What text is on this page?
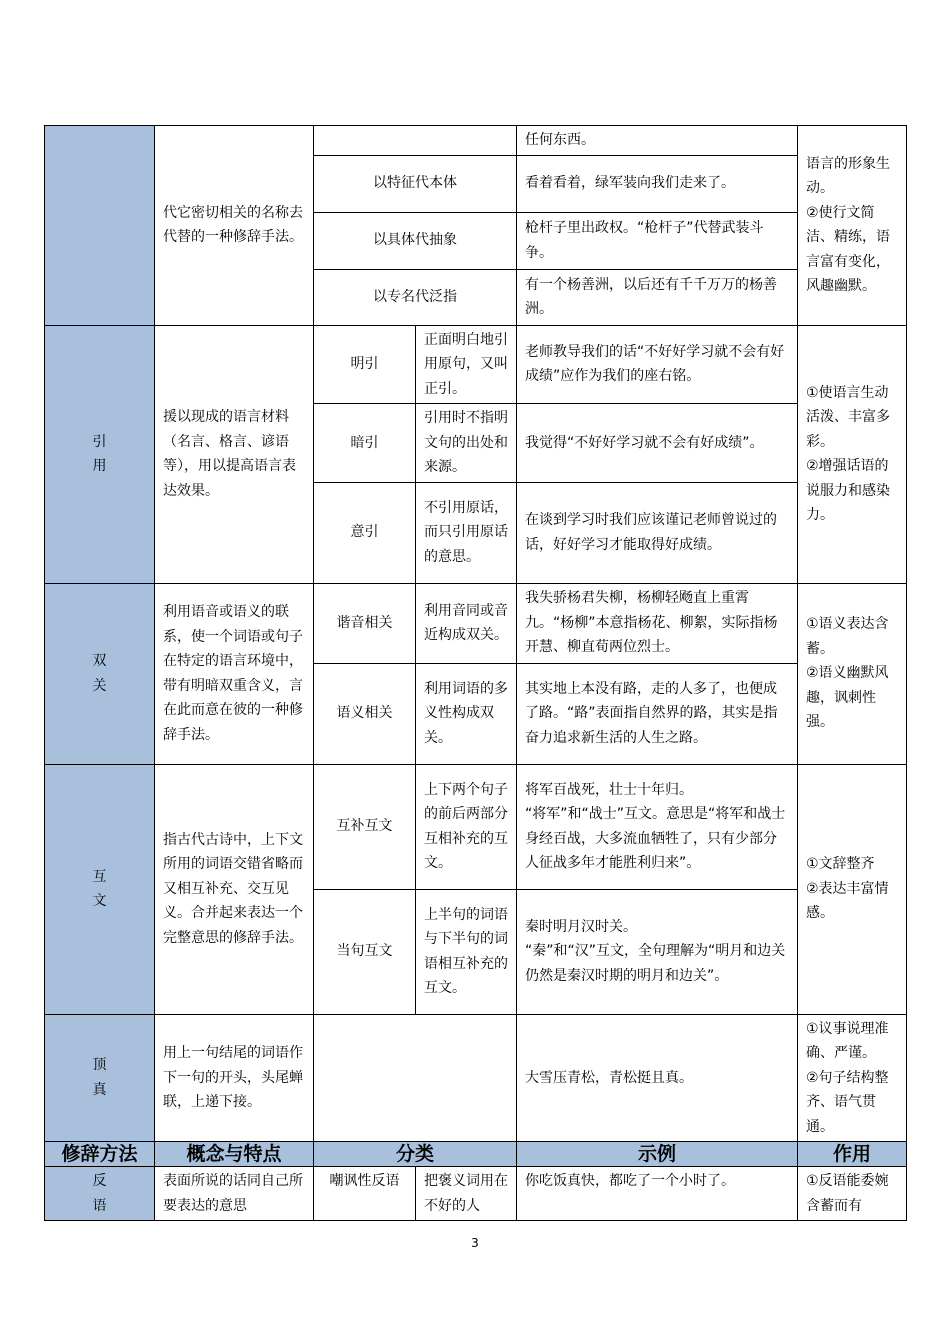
	代它密切相关的名称去代替的一种修辞手法。			任何东西。	语言的形象生动。
②使行文简洁、精练，语言富有变化，风趣幽默。
		以特征代本体		看着看着，绿军装向我们走来了。	
		以具体代抽象		枪杆子里出政权。“枪杆子”代替武装斗争。	
		以专名代泛指		有一个杨善洲，以后还有千千万万的杨善洲。	
引用	援以现成的语言材料（名言、格言、谚语等），用以提高语言表达效果。	明引	正面明白地引用原句，又叫正引。	老师教导我们的话“不好好学习就不会有好成绩”应作为我们的座右铭。	①使语言生动活泼、丰富多彩。
②增强话语的说服力和感染力。
		暗引	引用时不指明文句的出处和来源。	我觉得“不好好学习就不会有好成绩”。	
		意引	不引用原话，而只引用原话的意思。	在谈到学习时我们应该谨记老师曾说过的话，好好学习才能取得好成绩。	
双关	利用语音或语义的联系，使一个词语或句子在特定的语言环境中，带有明暗双重含义，言在此而意在彼的一种修辞手法。	谐音相关	利用音同或音近构成双关。	我失骄杨君失柳，杨柳轻飏直上重霄九。“杨柳”本意指杨花、柳絮，实际指杨开慧、柳直荀两位烈士。	①语义表达含蓄。
②语义幽默风趣，讽刺性强。
		语义相关	利用词语的多义性构成双关。	其实地上本没有路，走的人多了，也便成了路。“路”表面指自然界的路，其实是指奋力追求新生活的人生之路。	
互文	指古代古诗中，上下文所用的词语交错省略而又相互补充、交互见义。合并起来表达一个完整意思的修辞手法。	互补互文	上下两个句子的前后两部分互相补充的互文。	将军百战死，壮士十年归。
“将军”和“战士”互文。意思是“将军和战士身经百战，大多流血牺牲了，只有少部分人征战多年才能胜利归来”。	①文辞整齐
②表达丰富情感。
		当句互文	上半句的词语与下半句的词语相互补充的互文。	秦时明月汉时关。
“秦”和“汉”互文，全句理解为“明月和边关仍然是秦汉时期的明月和边关”。	
顶真	用上一句结尾的词语作下一句的开头，头尾蝉联，上递下接。			大雪压青松，青松挺且真。	①议事说理准确、严谨。
②句子结构整齐、语气贯通。
修辞方法	概念与特点	分类		示例	作用
反语	表面所说的话同自己所要表达的意思	嘲讽性反语	把褒义词用在不好的人	你吃饭真快，都吃了一个小时了。	①反语能委婉含蓄而有
3
